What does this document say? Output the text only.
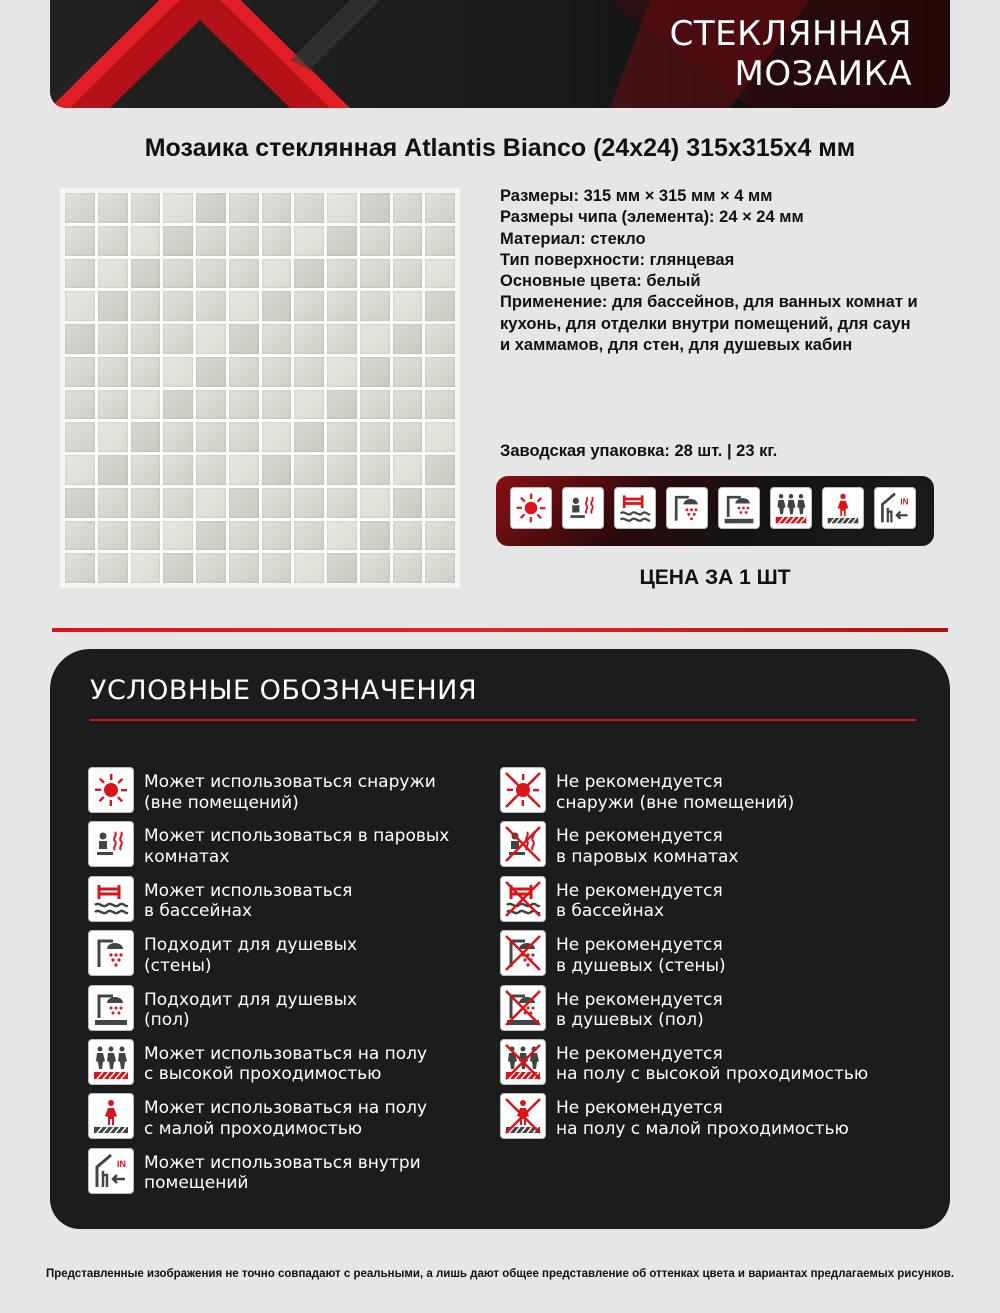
СТЕКЛЯННАЯ
МОЗАИКА
Мозаика стеклянная Atlantis Bianco (24x24) 315x315x4 мм

Размеры: 315 мм × 315 мм × 4 мм

Размеры чипа (элемента): 24 × 24 мм

Материал: стекло

Тип поверхности: глянцевая

Основные цвета: белый

Применение: для бассейнов, для ванных комнат и кухонь, для отделки внутри помещений, для саун и хаммамов, для стен, для душевых кабин

Заводская упаковка: 28 шт. | 23 кг.
IN
ЦЕНА ЗА 1 ШТ
УСЛОВНЫЕ ОБОЗНАЧЕНИЯ
Может использоваться снаружи
(вне помещений)
Может использоваться в паровых
комнатах
Может использоваться
в бассейнах
Подходит для душевых
(стены)
Подходит для душевых
(пол)
Может использоваться на полу
с высокой проходимостью
Может использоваться на полу
с малой проходимостью
IN Может использоваться внутри
помещений
Не рекомендуется
снаружи (вне помещений)
Не рекомендуется
в паровых комнатах
Не рекомендуется
в бассейнах
Не рекомендуется
в душевых (стены)
Не рекомендуется
в душевых (пол)
Не рекомендуется
на полу с высокой проходимостью
Не рекомендуется
на полу с малой проходимостью
Представленные изображения не точно совпадают с реальными, а лишь дают общее представление об оттенках цвета и вариантах предлагаемых рисунков.
